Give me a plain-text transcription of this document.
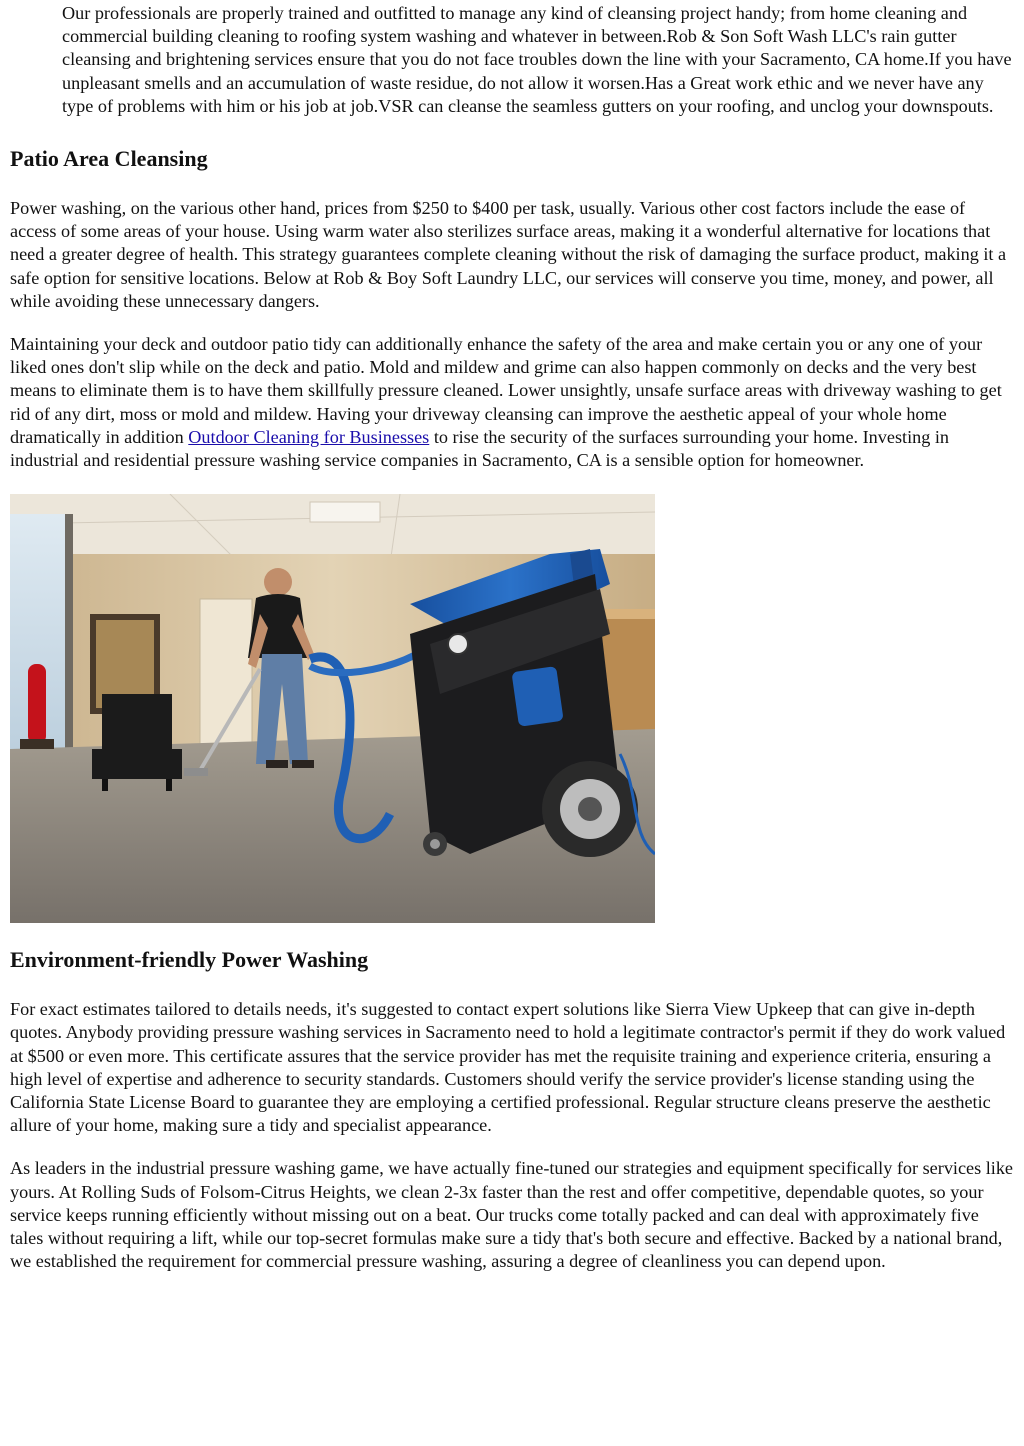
Our professionals are properly trained and outfitted to manage any kind of cleansing project handy; from home cleaning and commercial building cleaning to roofing system washing and whatever in between.Rob & Son Soft Wash LLC's rain gutter cleansing and brightening services ensure that you do not face troubles down the line with your Sacramento, CA home.If you have unpleasant smells and an accumulation of waste residue, do not allow it worsen.Has a Great work ethic and we never have any type of problems with him or his job at job.VSR can cleanse the seamless gutters on your roofing, and unclog your downspouts.

Patio Area Cleansing

Power washing, on the various other hand, prices from $250 to $400 per task, usually. Various other cost factors include the ease of access of some areas of your house. Using warm water also sterilizes surface areas, making it a wonderful alternative for locations that need a greater degree of health. This strategy guarantees complete cleaning without the risk of damaging the surface product, making it a safe option for sensitive locations. Below at Rob & Boy Soft Laundry LLC, our services will conserve you time, money, and power, all while avoiding these unnecessary dangers.

Maintaining your deck and outdoor patio tidy can additionally enhance the safety of the area and make certain you or any one of your liked ones don't slip while on the deck and patio. Mold and mildew and grime can also happen commonly on decks and the very best means to eliminate them is to have them skillfully pressure cleaned. Lower unsightly, unsafe surface areas with driveway washing to get rid of any dirt, moss or mold and mildew. Having your driveway cleansing can improve the aesthetic appeal of your whole home dramatically in addition Outdoor Cleaning for Businesses to rise the security of the surfaces surrounding your home. Investing in industrial and residential pressure washing service companies in Sacramento, CA is a sensible option for homeowner.

Environment-friendly Power Washing

For exact estimates tailored to details needs, it's suggested to contact expert solutions like Sierra View Upkeep that can give in-depth quotes. Anybody providing pressure washing services in Sacramento need to hold a legitimate contractor's permit if they do work valued at $500 or even more. This certificate assures that the service provider has met the requisite training and experience criteria, ensuring a high level of expertise and adherence to security standards. Customers should verify the service provider's license standing using the California State License Board to guarantee they are employing a certified professional. Regular structure cleans preserve the aesthetic allure of your home, making sure a tidy and specialist appearance.

As leaders in the industrial pressure washing game, we have actually fine-tuned our strategies and equipment specifically for services like yours. At Rolling Suds of Folsom-Citrus Heights, we clean 2-3x faster than the rest and offer competitive, dependable quotes, so your service keeps running efficiently without missing out on a beat. Our trucks come totally packed and can deal with approximately five tales without requiring a lift, while our top-secret formulas make sure a tidy that's both secure and effective. Backed by a national brand, we established the requirement for commercial pressure washing, assuring a degree of cleanliness you can depend upon.
